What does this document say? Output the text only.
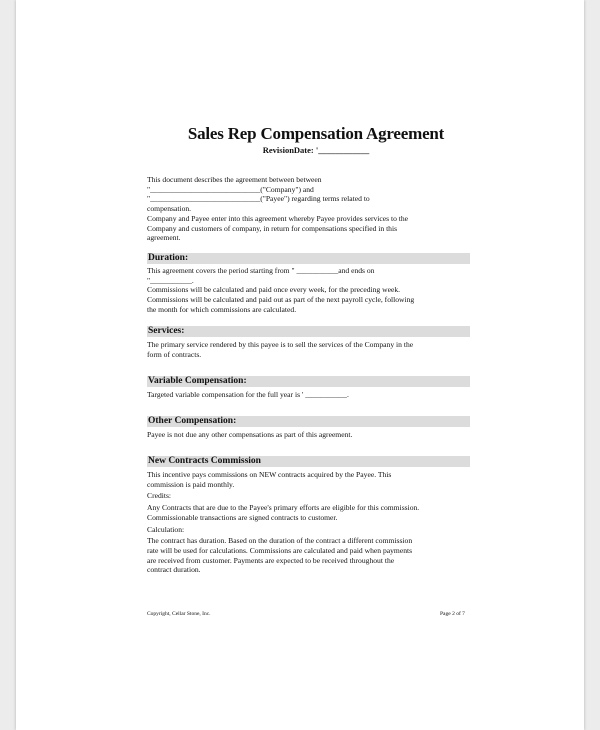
Sales Rep Compensation Agreement
RevisionDate: '____________

This document describes the agreement between between

"_____________________________("Company") and

"_____________________________("Payee") regarding terms related to

compensation.

Company and Payee enter into this agreement whereby Payee provides services to the

Company and customers of company, in return for compensations specified in this

agreement.

Duration:

This agreement covers the period starting from " ___________and ends on

"___________.

Commissions will be calculated and paid once every week, for the preceding week.

Commissions will be calculated and paid out as part of the next payroll cycle, following

the month for which commissions are calculated.

Services:

The primary service rendered by this payee is to sell the services of the Company in the

form of contracts.

Variable Compensation:

Targeted variable compensation for the full year is ' ___________.

Other Compensation:

Payee is not due any other compensations as part of this agreement.

New Contracts Commission

This incentive pays commissions on NEW contracts acquired by the Payee. This

commission is paid monthly.

Credits:

Any Contracts that are due to the Payee's primary efforts are eligible for this commission.

Commissionable transactions are signed contracts to customer.

Calculation:

The contract has duration. Based on the duration of the contract a different commission

rate will be used for calculations. Commissions are calculated and paid when payments

are received from customer. Payments are expected to be received throughout the

contract duration.

Copyright, Cellar Stone, Inc.	Page 2 of 7
